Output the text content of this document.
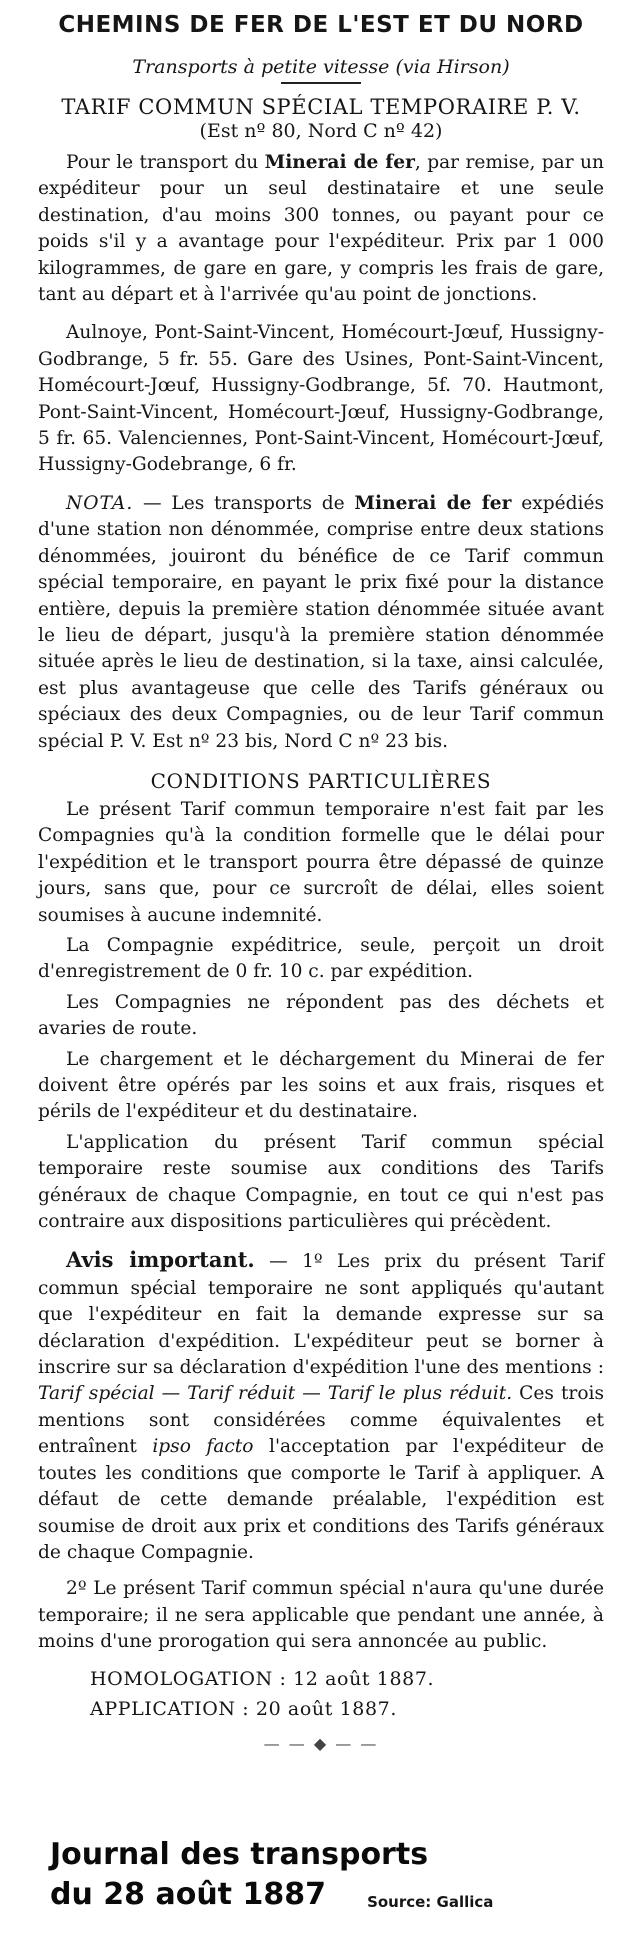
CHEMINS DE FER DE L'EST ET DU NORD
Transports à petite vitesse (via Hirson)
TARIF COMMUN SPÉCIAL TEMPORAIRE P. V.
(Est nº 80, Nord C nº 42)

Pour le transport du Minerai de fer, par remise, par un expéditeur pour un seul destinataire et une seule destination, d'au moins 300 tonnes, ou payant pour ce poids s'il y a avantage pour l'expéditeur. Prix par 1 000 kilogrammes, de gare en gare, y compris les frais de gare, tant au départ et à l'arrivée qu'au point de jonctions.

Aulnoye, Pont-Saint-Vincent, Homécourt-Jœuf, Hussigny-Godbrange, 5 fr. 55. Gare des Usines, Pont-Saint-Vincent, Homécourt-Jœuf, Hussigny-Godbrange, 5f. 70. Hautmont, Pont-Saint-Vincent, Homécourt-Jœuf, Hussigny-Godbrange, 5 fr. 65. Valenciennes, Pont-Saint-Vincent, Homécourt-Jœuf, Hussigny-Godebrange, 6 fr.

NOTA. — Les transports de Minerai de fer expédiés d'une station non dénommée, comprise entre deux stations dénommées, jouiront du bénéfice de ce Tarif commun spécial temporaire, en payant le prix fixé pour la distance entière, depuis la première station dénommée située avant le lieu de départ, jusqu'à la première station dénommée située après le lieu de destination, si la taxe, ainsi calculée, est plus avantageuse que celle des Tarifs généraux ou spéciaux des deux Compagnies, ou de leur Tarif commun spécial P. V. Est nº 23 bis, Nord C nº 23 bis.

CONDITIONS PARTICULIÈRES

Le présent Tarif commun temporaire n'est fait par les Compagnies qu'à la condition formelle que le délai pour l'expédition et le transport pourra être dépassé de quinze jours, sans que, pour ce surcroît de délai, elles soient soumises à aucune indemnité.

La Compagnie expéditrice, seule, perçoit un droit d'enregistrement de 0 fr. 10 c. par expédition.

Les Compagnies ne répondent pas des déchets et avaries de route.

Le chargement et le déchargement du Minerai de fer doivent être opérés par les soins et aux frais, risques et périls de l'expéditeur et du destinataire.

L'application du présent Tarif commun spécial temporaire reste soumise aux conditions des Tarifs généraux de chaque Compagnie, en tout ce qui n'est pas contraire aux dispositions particulières qui précèdent.

Avis important. — 1º Les prix du présent Tarif commun spécial temporaire ne sont appliqués qu'autant que l'expéditeur en fait la demande expresse sur sa déclaration d'expédition. L'expéditeur peut se borner à inscrire sur sa déclaration d'expédition l'une des mentions : Tarif spécial — Tarif réduit — Tarif le plus réduit. Ces trois mentions sont considérées comme équivalentes et entraînent ipso facto l'acceptation par l'expéditeur de toutes les conditions que comporte le Tarif à appliquer. A défaut de cette demande préalable, l'expédition est soumise de droit aux prix et conditions des Tarifs généraux de chaque Compagnie.

2º Le présent Tarif commun spécial n'aura qu'une durée temporaire; il ne sera applicable que pendant une année, à moins d'une prorogation qui sera annoncée au public.

HOMOLOGATION : 12 août 1887.
APPLICATION : 20 août 1887.
— — ◆ — —
Journal des transports
du 28 août 1887	Source: Gallica
